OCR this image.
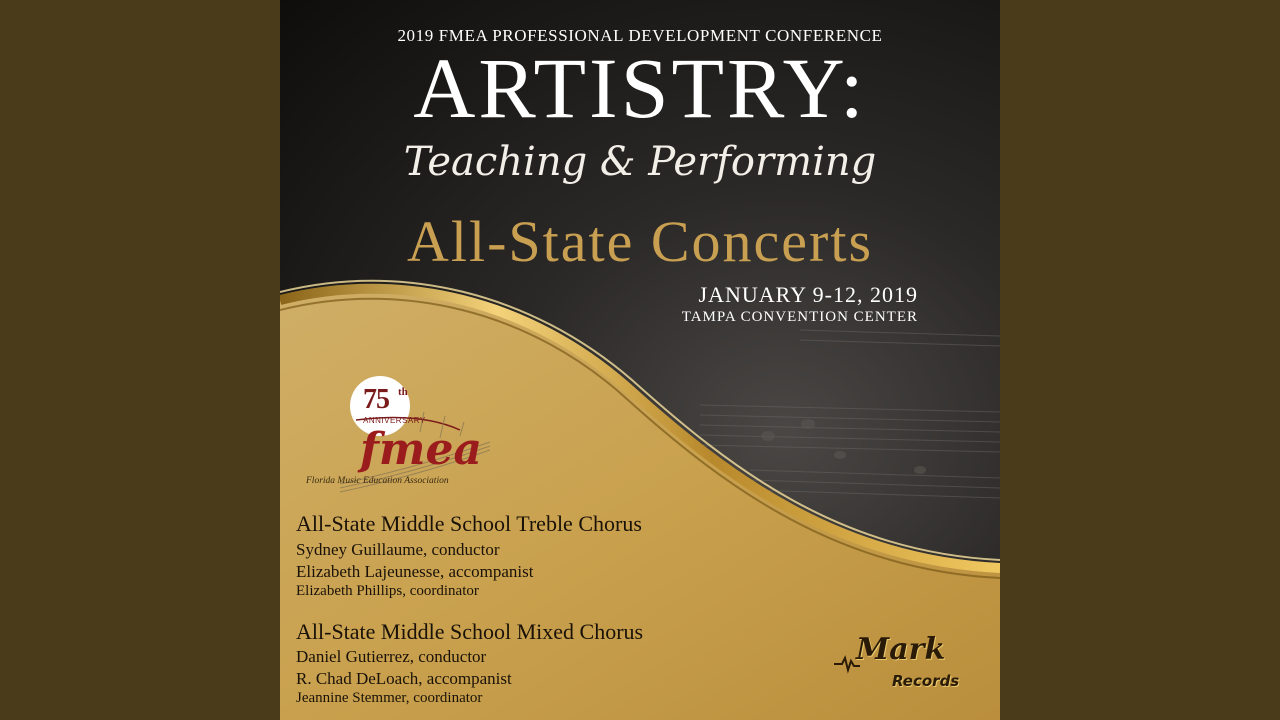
2019 FMEA PROFESSIONAL DEVELOPMENT CONFERENCE
ARTISTRY:
Teaching & Performing
All-State Concerts
JANUARY 9-12, 2019
TAMPA CONVENTION CENTER
75 th
ANNIVERSARY
fmea
Florida Music Education Association
All-State Middle School Treble Chorus
Sydney Guillaume, conductor
Elizabeth Lajeunesse, accompanist
Elizabeth Phillips, coordinator
All-State Middle School Mixed Chorus
Daniel Gutierrez, conductor
R. Chad DeLoach, accompanist
Jeannine Stemmer, coordinator
Mark
Records
